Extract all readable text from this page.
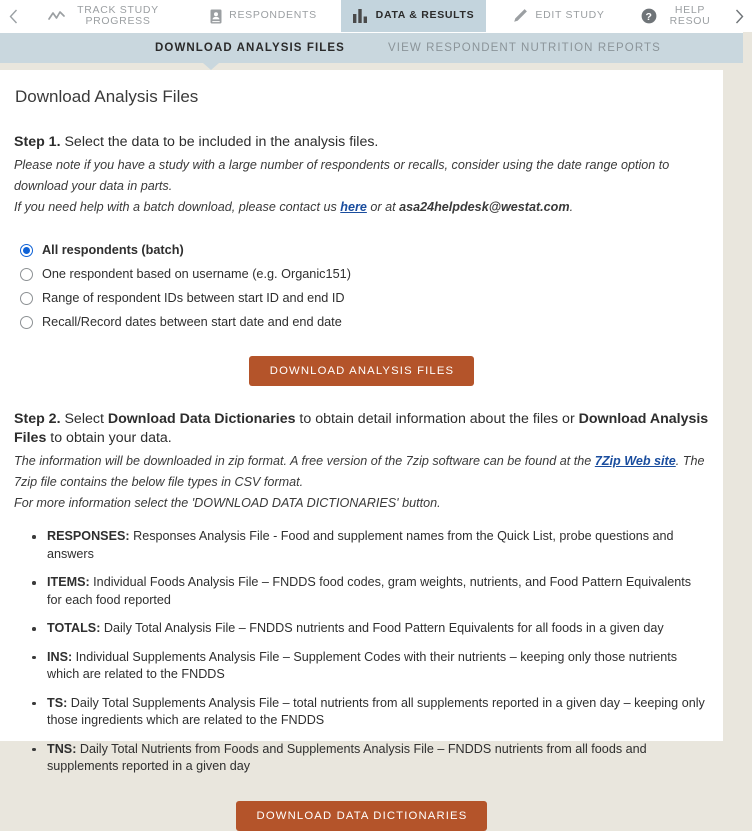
TRACK STUDY PROGRESS	RESPONDENTS	DATA & RESULTS	EDIT STUDY	?
HELP RESOU
DOWNLOAD ANALYSIS FILES	VIEW RESPONDENT NUTRITION REPORTS
Download Analysis Files

Step 1. Select the data to be included in the analysis files.

Please note if you have a study with a large number of respondents or recalls, consider using the date range option to download your data in parts.

If you need help with a batch download, please contact us here or at asa24helpdesk@westat.com.

All respondents (batch)
One respondent based on username (e.g. Organic151)
Range of respondent IDs between start ID and end ID
Recall/Record dates between start date and end date
DOWNLOAD ANALYSIS FILES

Step 2. Select Download Data Dictionaries to obtain detail information about the files or Download Analysis Files to obtain your data.

The information will be downloaded in zip format. A free version of the 7zip software can be found at the 7Zip Web site. The 7zip file contains the below file types in CSV format.

For more information select the 'DOWNLOAD DATA DICTIONARIES' button.

RESPONSES: Responses Analysis File - Food and supplement names from the Quick List, probe questions and answers
ITEMS: Individual Foods Analysis File – FNDDS food codes, gram weights, nutrients, and Food Pattern Equivalents for each food reported
TOTALS: Daily Total Analysis File – FNDDS nutrients and Food Pattern Equivalents for all foods in a given day
INS: Individual Supplements Analysis File – Supplement Codes with their nutrients – keeping only those nutrients which are related to the FNDDS
TS: Daily Total Supplements Analysis File – total nutrients from all supplements reported in a given day – keeping only those ingredients which are related to the FNDDS
TNS: Daily Total Nutrients from Foods and Supplements Analysis File – FNDDS nutrients from all foods and supplements reported in a given day
DOWNLOAD DATA DICTIONARIES
